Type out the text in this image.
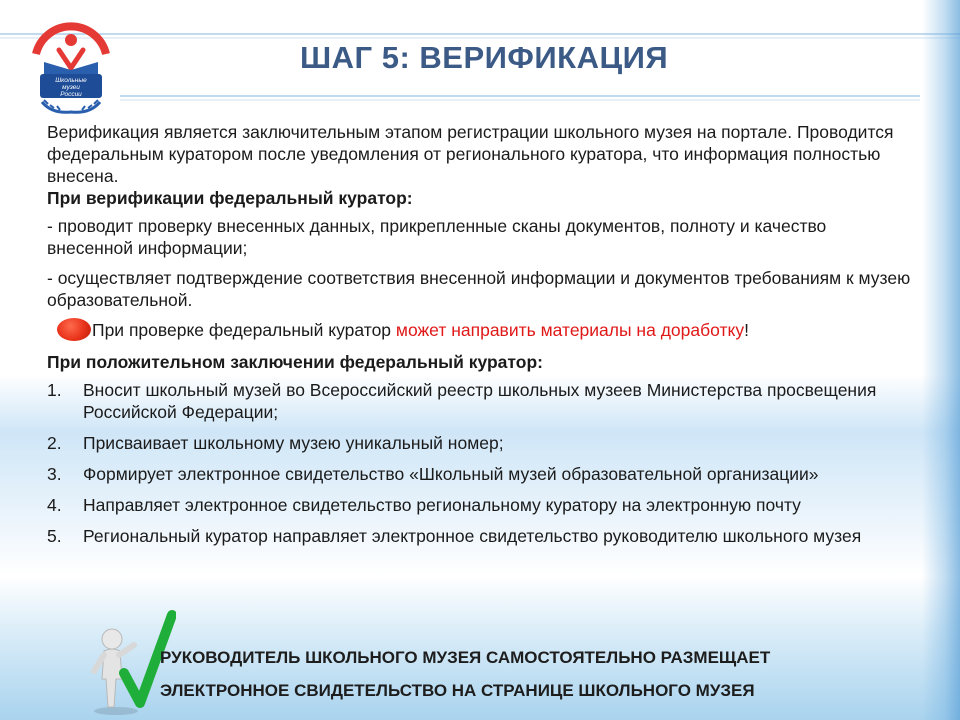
Школьные
музеи
России
ШАГ 5: ВЕРИФИКАЦИЯ

Верификация является заключительным этапом регистрации школьного музея на портале. Проводится федеральным куратором после уведомления от регионального куратора, что информация полностью внесена.

При верификации федеральный куратор:

- проводит проверку внесенных данных, прикрепленные сканы документов, полноту и качество внесенной информации;

- осуществляет подтверждение соответствия внесенной информации и документов требованиям к музею образовательной.

При проверке федеральный куратор может направить материалы на доработку!
При положительном заключении федеральный куратор:
1. Вносит школьный музей во Всероссийский реестр школьных музеев Министерства просвещения Российской Федерации;
2. Присваивает школьному музею уникальный номер;
3. Формирует электронное свидетельство «Школьный музей образовательной организации»
4. Направляет электронное свидетельство региональному куратору на электронную почту
5. Региональный куратор направляет электронное свидетельство руководителю школьного музея
РУКОВОДИТЕЛЬ ШКОЛЬНОГО МУЗЕЯ САМОСТОЯТЕЛЬНО РАЗМЕЩАЕТ
ЭЛЕКТРОННОЕ СВИДЕТЕЛЬСТВО НА СТРАНИЦЕ ШКОЛЬНОГО МУЗЕЯ
